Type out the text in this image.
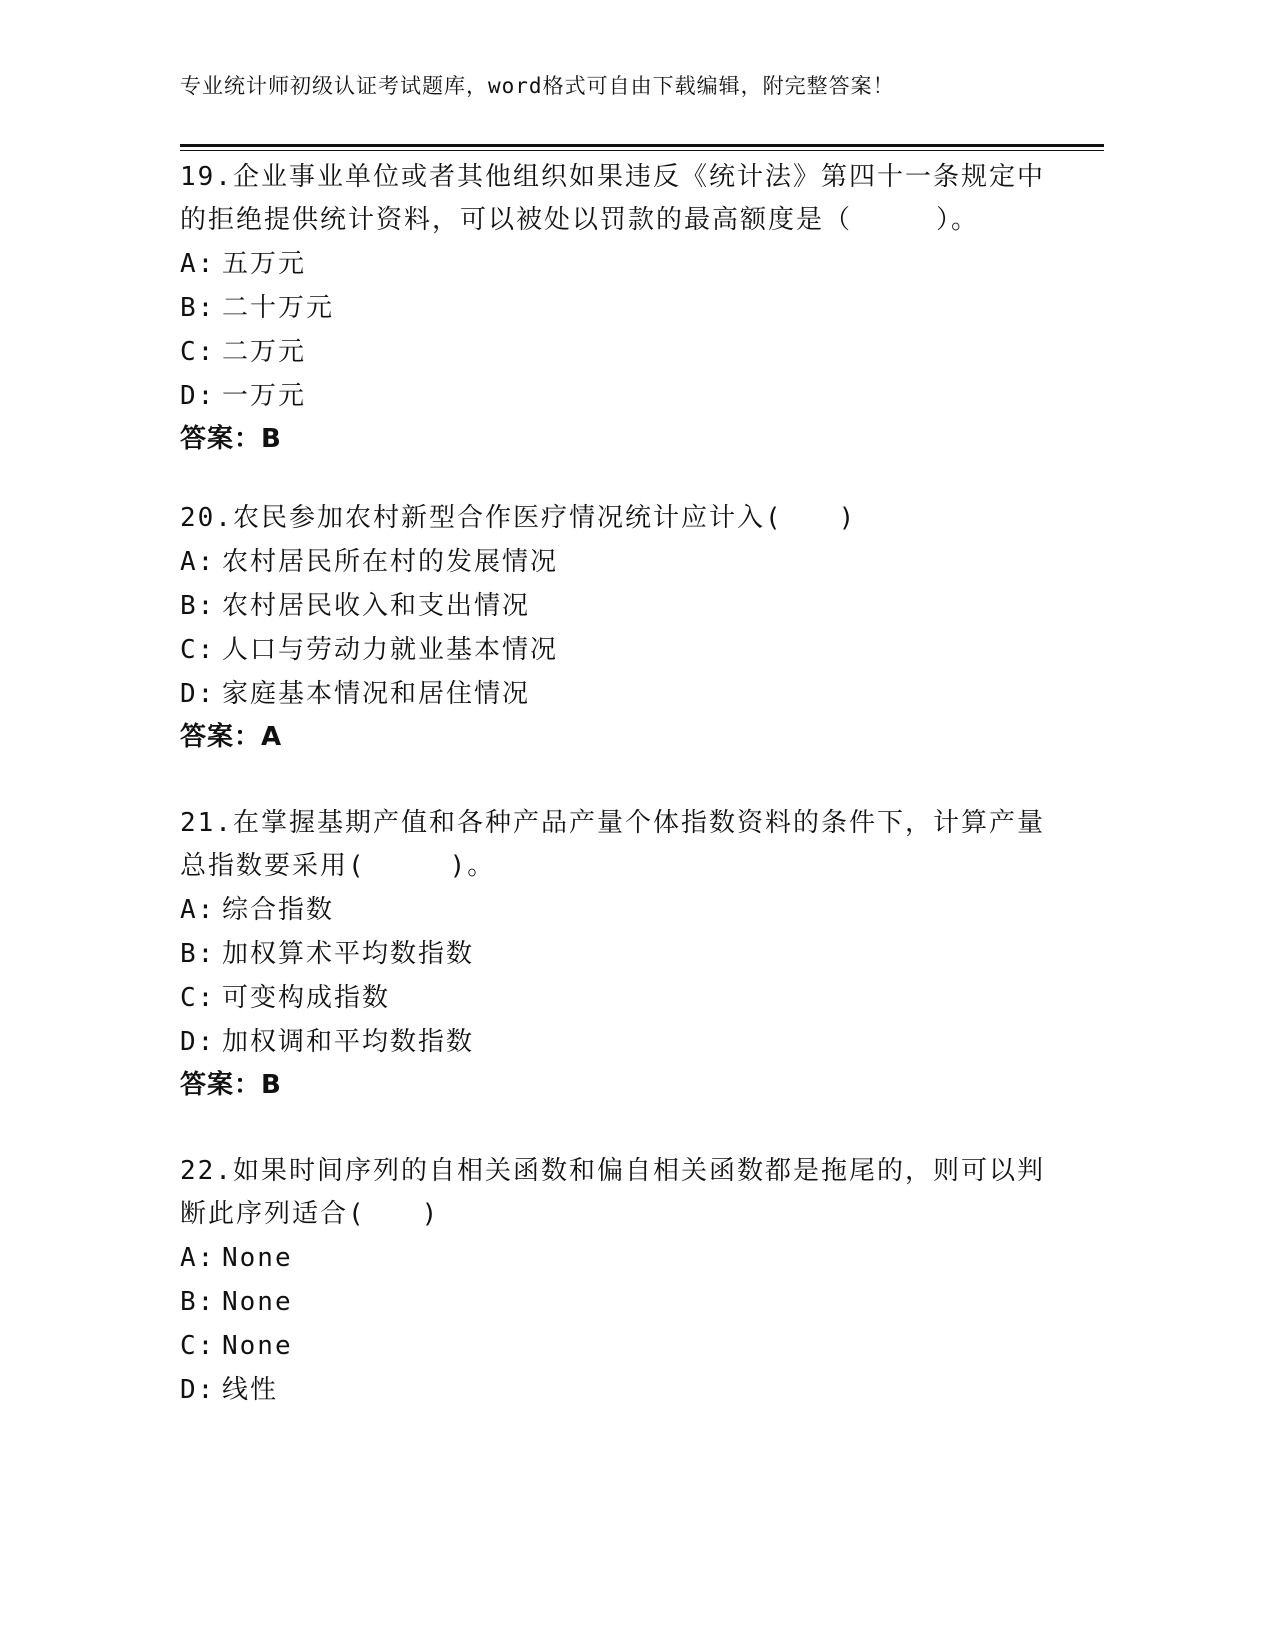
专业统计师初级认证考试题库，word格式可自由下载编辑，附完整答案！
19.企业事业单位或者其他组织如果违反《统计法》第四十一条规定中的拒绝提供统计资料，可以被处以罚款的最高额度是（　　　）。
A: 五万元
B: 二十万元
C: 二万元
D: 一万元
答案：B
20.农民参加农村新型合作医疗情况统计应计入(　　)
A: 农村居民所在村的发展情况
B: 农村居民收入和支出情况
C: 人口与劳动力就业基本情况
D: 家庭基本情况和居住情况
答案：A
21.在掌握基期产值和各种产品产量个体指数资料的条件下，计算产量总指数要采用(　　　)。
A: 综合指数
B: 加权算术平均数指数
C: 可变构成指数
D: 加权调和平均数指数
答案：B
22.如果时间序列的自相关函数和偏自相关函数都是拖尾的，则可以判断此序列适合(　　)
A: None
B: None
C: None
D: 线性
